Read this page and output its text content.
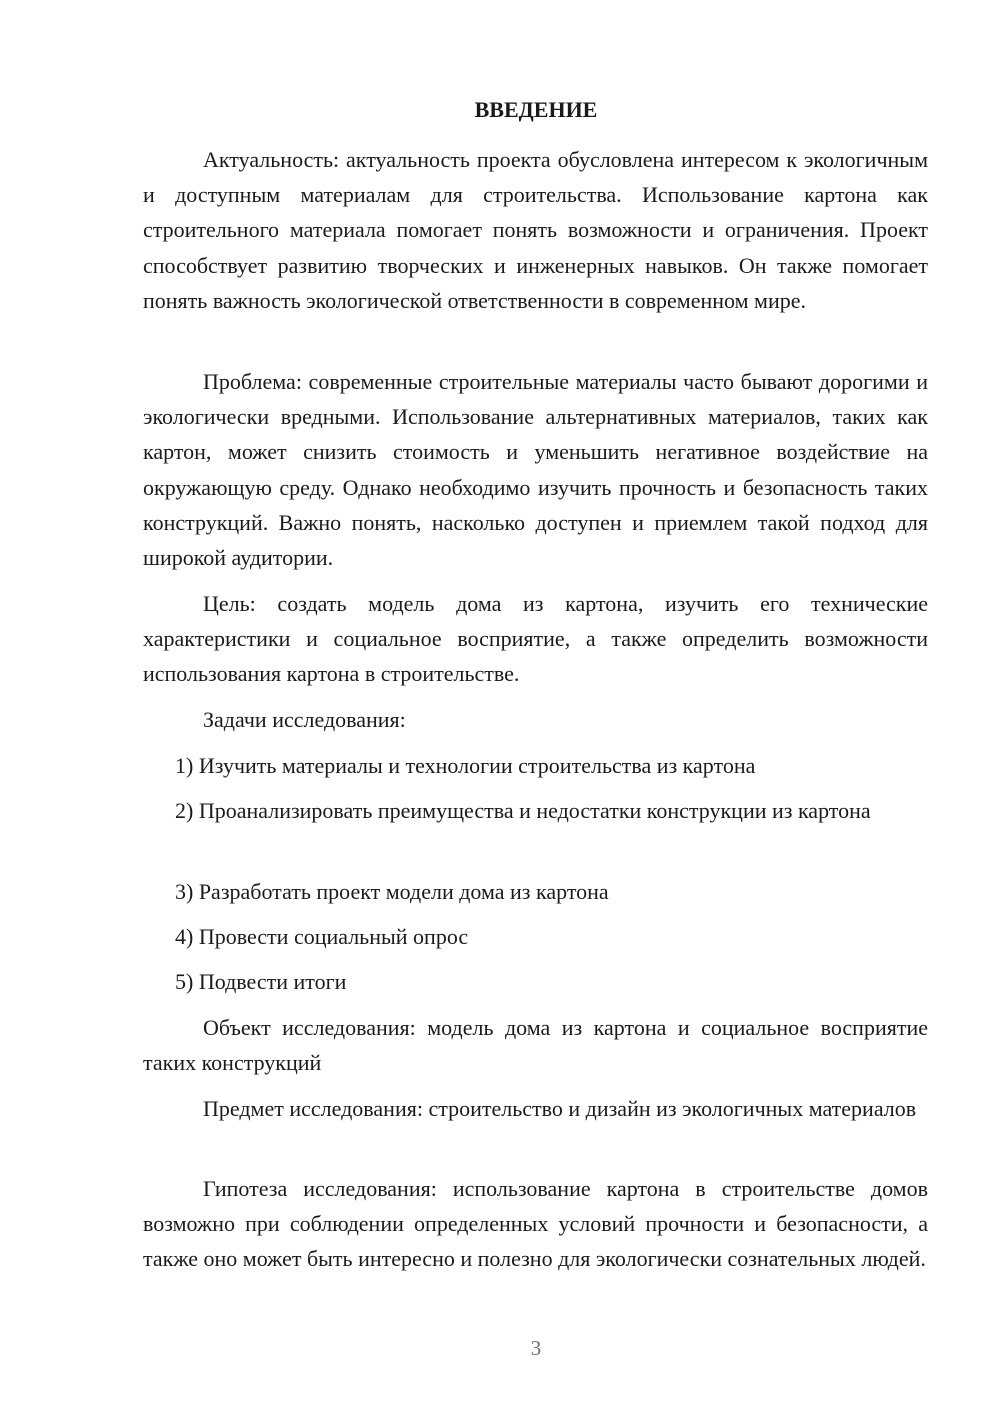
ВВЕДЕНИЕ

Актуальность: актуальность проекта обусловлена интересом к экологичным и доступным материалам для строительства. Использование картона как строительного материала помогает понять возможности и ограничения. Проект способствует развитию творческих и инженерных навыков. Он также помогает понять важность экологической ответственности в современном мире.

Проблема: современные строительные материалы часто бывают дорогими и экологически вредными. Использование альтернативных материалов, таких как картон, может снизить стоимость и уменьшить негативное воздействие на окружающую среду. Однако необходимо изучить прочность и безопасность таких конструкций. Важно понять, насколько доступен и приемлем такой подход для широкой аудитории.

Цель: создать модель дома из картона, изучить его технические характеристики и социальное восприятие, а также определить возможности использования картона в строительстве.

Задачи исследования:

1) Изучить материалы и технологии строительства из картона

2) Проанализировать преимущества и недостатки конструкции из картона

3) Разработать проект модели дома из картона

4) Провести социальный опрос

5) Подвести итоги

Объект исследования: модель дома из картона и социальное восприятие таких конструкций

Предмет исследования: строительство и дизайн из экологичных материалов

Гипотеза исследования: использование картона в строительстве домов возможно при соблюдении определенных условий прочности и безопасности, а также оно может быть интересно и полезно для экологически сознательных людей.

3
